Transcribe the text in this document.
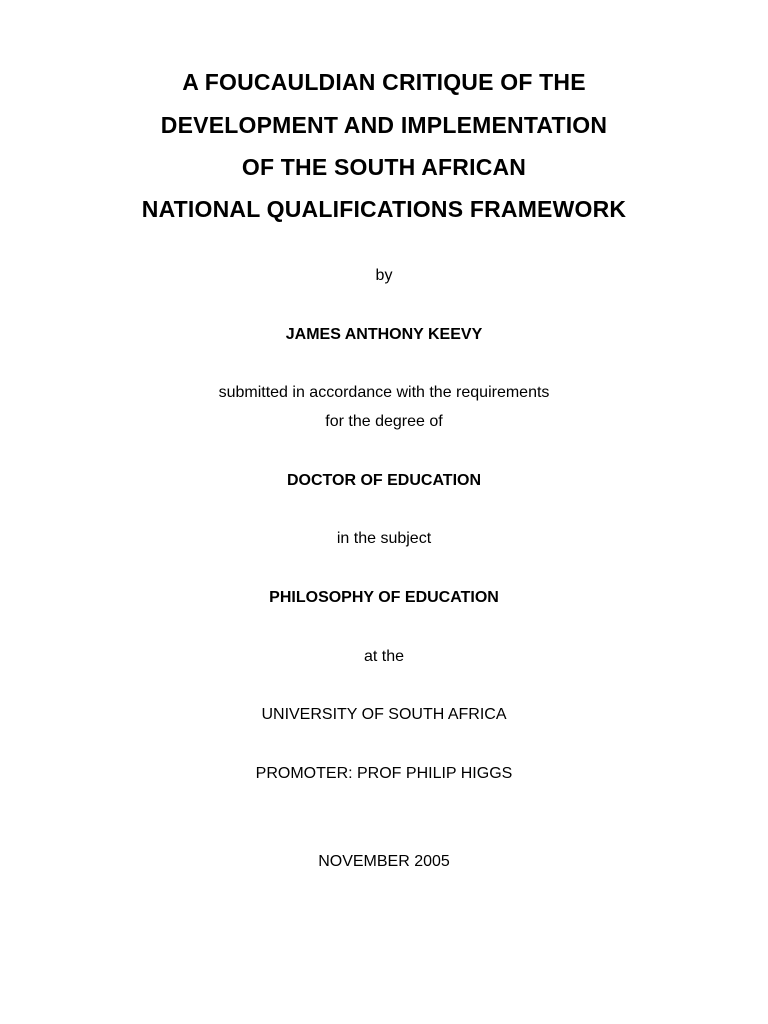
A FOUCAULDIAN CRITIQUE OF THE
DEVELOPMENT AND IMPLEMENTATION
OF THE SOUTH AFRICAN
NATIONAL QUALIFICATIONS FRAMEWORK
by
JAMES ANTHONY KEEVY
submitted in accordance with the requirements
for the degree of
DOCTOR OF EDUCATION
in the subject
PHILOSOPHY OF EDUCATION
at the
UNIVERSITY OF SOUTH AFRICA
PROMOTER: PROF PHILIP HIGGS
NOVEMBER 2005
